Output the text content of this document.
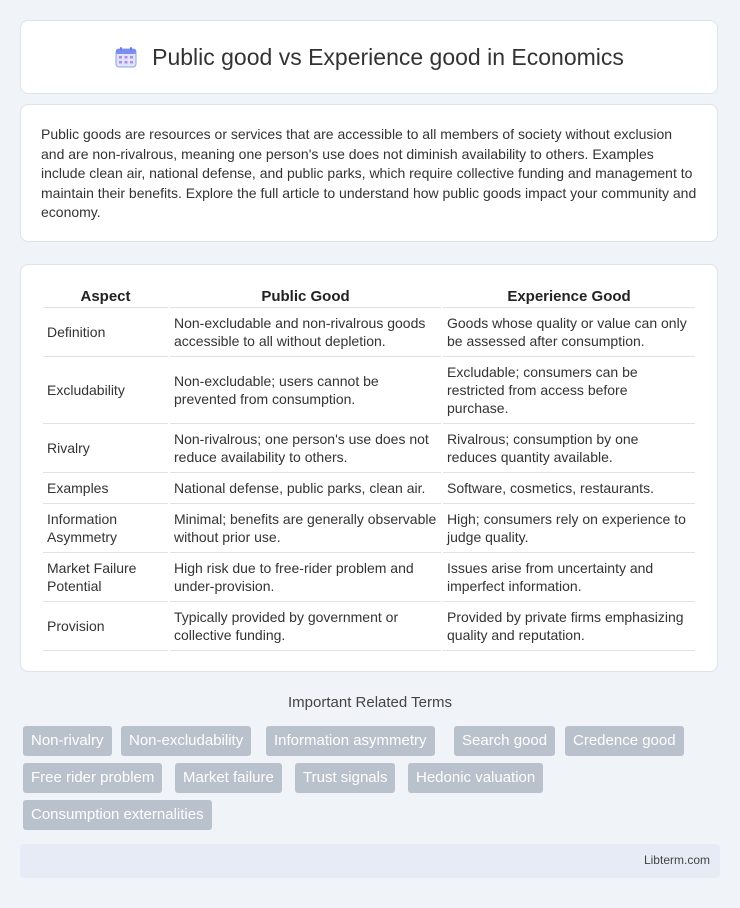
Public good vs Experience good in Economics

Public goods are resources or services that are accessible to all members of society without exclusion and are non-rivalrous, meaning one person's use does not diminish availability to others. Examples include clean air, national defense, and public parks, which require collective funding and management to maintain their benefits. Explore the full article to understand how public goods impact your community and economy.

Aspect	Public Good	Experience Good
Definition	Non-excludable and non-rivalrous goods accessible to all without depletion.	Goods whose quality or value can only be assessed after consumption.
Excludability	Non-excludable; users cannot be prevented from consumption.	Excludable; consumers can be restricted from access before purchase.
Rivalry	Non-rivalrous; one person's use does not reduce availability to others.	Rivalrous; consumption by one reduces quantity available.
Examples	National defense, public parks, clean air.	Software, cosmetics, restaurants.
Information Asymmetry	Minimal; benefits are generally observable without prior use.	High; consumers rely on experience to judge quality.
Market Failure Potential	High risk due to free-rider problem and under-provision.	Issues arise from uncertainty and imperfect information.
Provision	Typically provided by government or collective funding.	Provided by private firms emphasizing quality and reputation.
Important Related Terms
Non-rivalry	Non-excludability	Information asymmetry	Search good	Credence good
Free rider problem	Market failure	Trust signals	Hedonic valuation
Consumption externalities
Libterm.com
